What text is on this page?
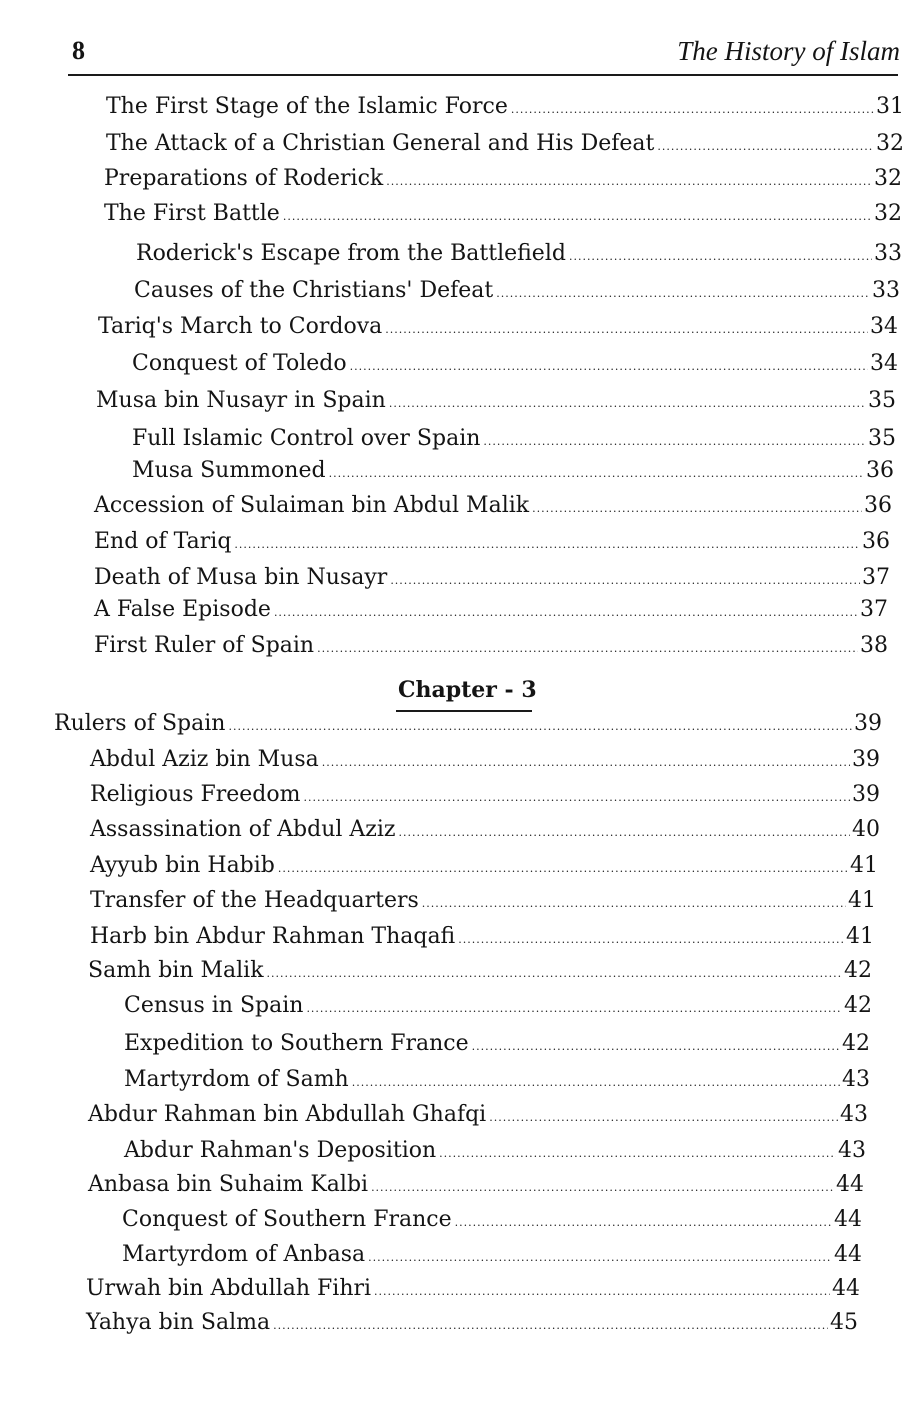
8	The History of Islam
The First Stage of the Islamic Force .....	31
The Attack of a Christian General and His Defeat .....	32
Preparations of Roderick .....	32
The First Battle .....	32
Roderick's Escape from the Battlefield .....	33
Causes of the Christians' Defeat .....	33
Tariq's March to Cordova .....	34
Conquest of Toledo .....	34
Musa bin Nusayr in Spain .....	35
Full Islamic Control over Spain .....	35
Musa Summoned .....	36
Accession of Sulaiman bin Abdul Malik .....	36
End of Tariq .....	36
Death of Musa bin Nusayr .....	37
A False Episode .....	37
First Ruler of Spain .....	38
Chapter - 3
Rulers of Spain .....	39
Abdul Aziz bin Musa .....	39
Religious Freedom .....	39
Assassination of Abdul Aziz .....	40
Ayyub bin Habib .....	41
Transfer of the Headquarters .....	41
Harb bin Abdur Rahman Thaqafi .....	41
Samh bin Malik .....	42
Census in Spain .....	42
Expedition to Southern France .....	42
Martyrdom of Samh .....	43
Abdur Rahman bin Abdullah Ghafqi .....	43
Abdur Rahman's Deposition .....	43
Anbasa bin Suhaim Kalbi .....	44
Conquest of Southern France .....	44
Martyrdom of Anbasa .....	44
Urwah bin Abdullah Fihri .....	44
Yahya bin Salma .....	45
